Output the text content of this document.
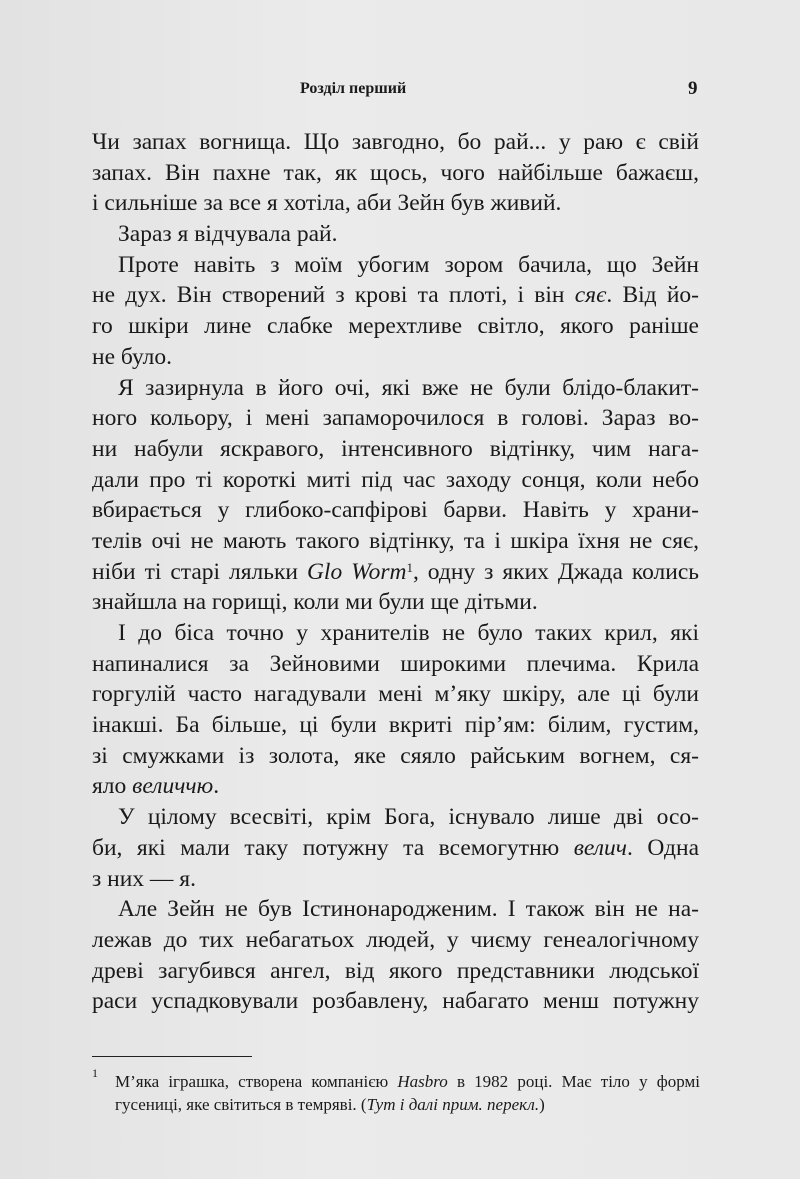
Розділ перший	9
Чи запах вогнища. Що завгодно, бо рай... у раю є свій
запах. Він пахне так, як щось, чого найбільше бажаєш,
і сильніше за все я хотіла, аби Зейн був живий.
Зараз я відчувала рай.
Проте навіть з моїм убогим зором бачила, що Зейн
не дух. Він створений з крові та плоті, і він сяє. Від йо-
го шкіри лине слабке мерехтливе світло, якого раніше
не було.
Я зазирнула в його очі, які вже не були блідо-блакит-
ного кольору, і мені запаморочилося в голові. Зараз во-
ни набули яскравого, інтенсивного відтінку, чим нага-
дали про ті короткі миті під час заходу сонця, коли небо
вбирається у глибоко-сапфірові барви. Навіть у храни-
телів очі не мають такого відтінку, та і шкіра їхня не сяє,
ніби ті старі ляльки Glo Worm$^1$, одну з яких Джада колись
знайшла на горищі, коли ми були ще дітьми.
І до біса точно у хранителів не було таких крил, які
напиналися за Зейновими широкими плечима. Крила
горгулій часто нагадували мені м’яку шкіру, але ці були
інакші. Ба більше, ці були вкриті пір’ям: білим, густим,
зі смужками із золота, яке сяяло райським вогнем, ся-
яло величчю.
У цілому всесвіті, крім Бога, існувало лише дві осо-
би, які мали таку потужну та всемогутню велич. Одна
з них — я.
Але Зейн не був Істинонародженим. І також він не на-
лежав до тих небагатьох людей, у чиєму генеалогічному
древі загубився ангел, від якого представники людської
раси успадковували розбавлену, набагато менш потужну
1 М’яка іграшка, створена компанією Hasbro в 1982 році. Має тіло у формі
гусениці, яке світиться в темряві. (Тут і далі прим. перекл.)
